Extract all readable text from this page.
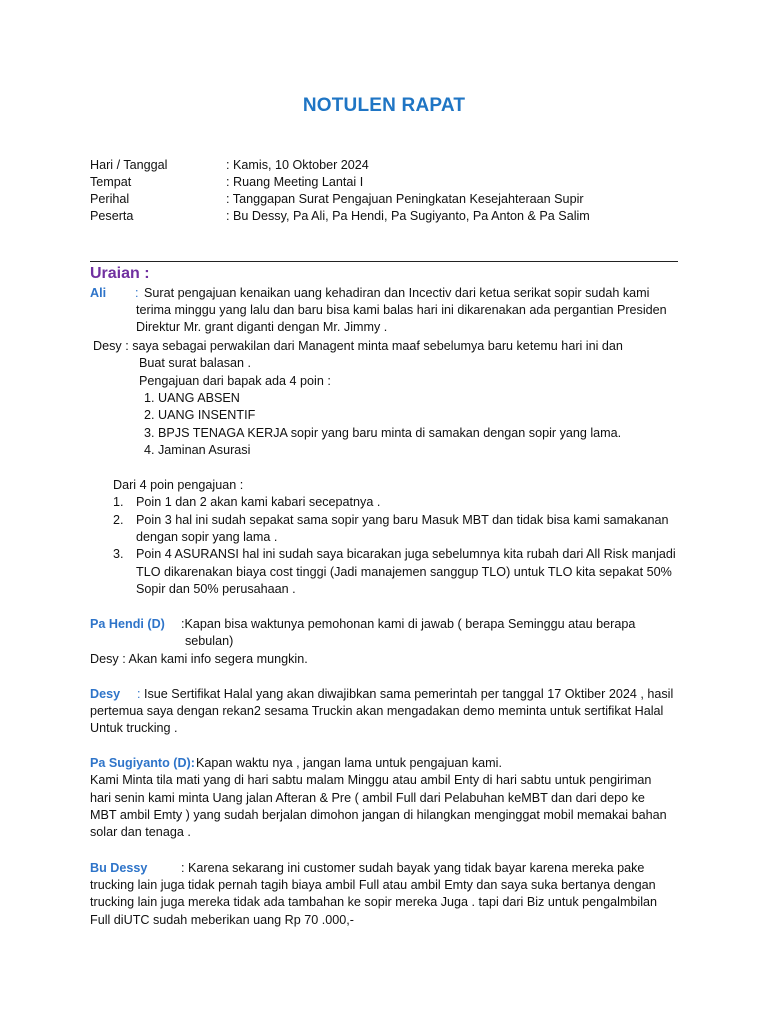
NOTULEN RAPAT
Hari / Tanggal	: Kamis, 10 Oktober 2024
Tempat	: Ruang Meeting Lantai I
Perihal	: Tanggapan Surat Pengajuan Peningkatan Kesejahteraan Supir
Peserta	: Bu Dessy, Pa Ali, Pa Hendi, Pa Sugiyanto, Pa Anton & Pa Salim
Uraian :
Ali : Surat pengajuan kenaikan uang kehadiran dan Incectiv dari ketua serikat sopir sudah kami
terima minggu yang lalu dan baru bisa kami balas hari ini dikarenakan ada pergantian Presiden
Direktur Mr. grant diganti dengan Mr. Jimmy .
Desy : saya sebagai perwakilan dari Managent minta maaf sebelumya baru ketemu hari ini dan
Buat surat balasan .
Pengajuan dari bapak ada 4 poin :
1. UANG ABSEN
2. UANG INSENTIF
3. BPJS TENAGA KERJA sopir yang baru minta di samakan dengan sopir yang lama.
4. Jaminan Asurasi
Dari 4 poin pengajuan :
1. Poin 1 dan 2 akan kami kabari secepatnya .
2. Poin 3 hal ini sudah sepakat sama sopir yang baru Masuk MBT dan tidak bisa kami samakanan
dengan sopir yang lama .
3. Poin 4 ASURANSI hal ini sudah saya bicarakan juga sebelumnya kita rubah dari All Risk manjadi
TLO dikarenakan biaya cost tinggi (Jadi manajemen sanggup TLO) untuk TLO kita sepakat 50%
Sopir dan 50% perusahaan .
Pa Hendi (D) :Kapan bisa waktunya pemohonan kami di jawab ( berapa Seminggu atau berapa
sebulan)
Desy : Akan kami info segera mungkin.
Desy : Isue Sertifikat Halal yang akan diwajibkan sama pemerintah per tanggal 17 Oktiber 2024 , hasil
pertemua saya dengan rekan2 sesama Truckin akan mengadakan demo meminta untuk sertifikat Halal
Untuk trucking .
Pa Sugiyanto (D): Kapan waktu nya , jangan lama untuk pengajuan kami.
Kami Minta tila mati yang di hari sabtu malam Minggu atau ambil Enty di hari sabtu untuk pengiriman
hari senin kami minta Uang jalan Afteran & Pre ( ambil Full dari Pelabuhan keMBT dan dari depo ke
MBT ambil Emty ) yang sudah berjalan dimohon jangan di hilangkan menginggat mobil memakai bahan
solar dan tenaga .
Bu Dessy	: Karena sekarang ini customer sudah bayak yang tidak bayar karena mereka pake
trucking lain juga tidak pernah tagih biaya ambil Full atau ambil Emty dan saya suka bertanya dengan
trucking lain juga mereka tidak ada tambahan ke sopir mereka Juga . tapi dari Biz untuk pengalmbilan
Full diUTC sudah meberikan uang Rp 70 .000,-
